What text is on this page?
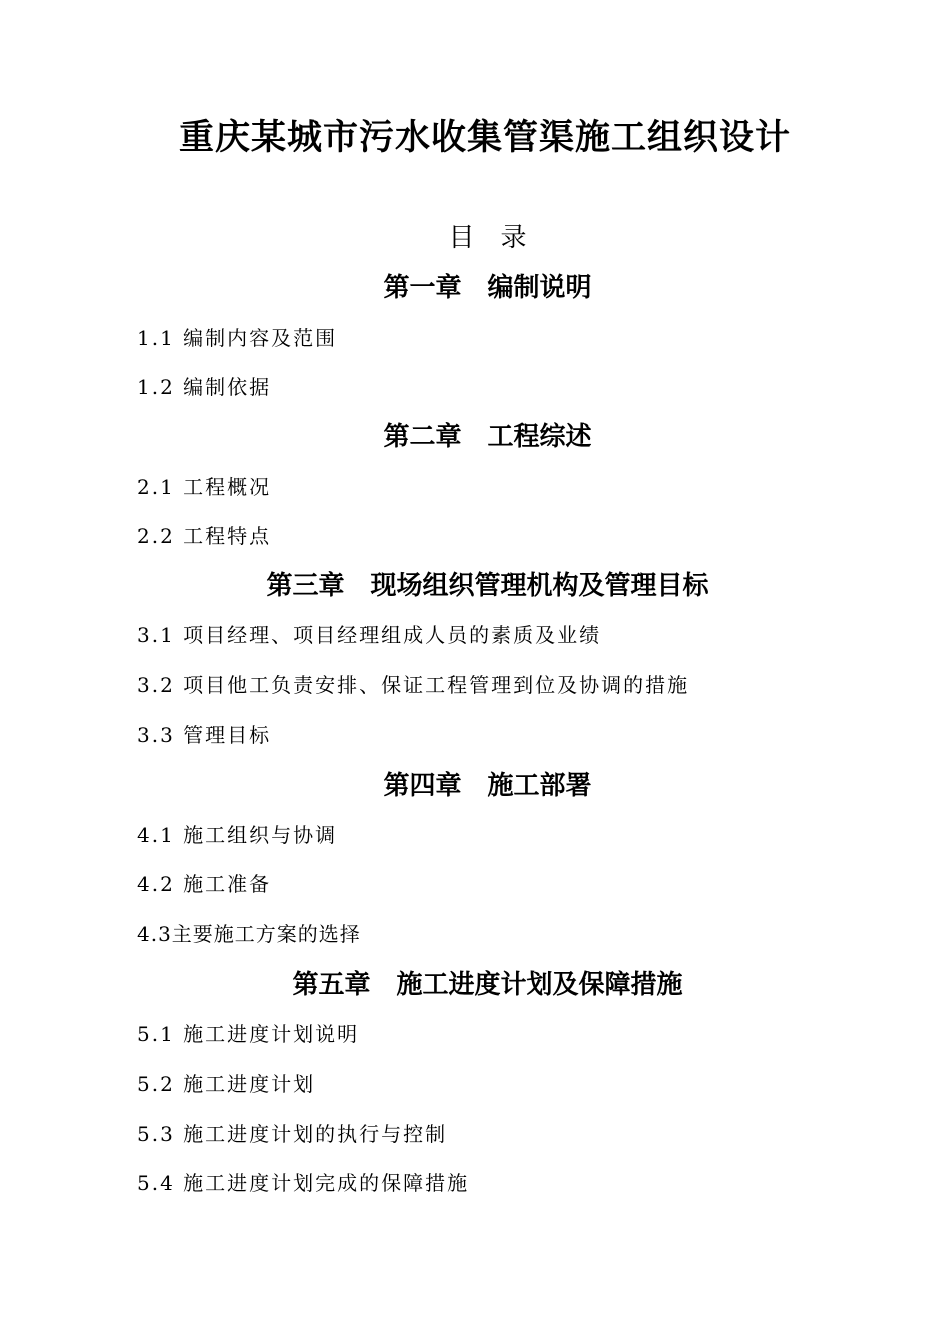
重庆某城市污水收集管渠施工组织设计
目　录
第一章　编制说明
1.1 编制内容及范围
1.2 编制依据
第二章　工程综述
2.1 工程概况
2.2 工程特点
第三章　现场组织管理机构及管理目标
3.1 项目经理、项目经理组成人员的素质及业绩
3.2 项目他工负责安排、保证工程管理到位及协调的措施
3.3 管理目标
第四章　施工部署
4.1 施工组织与协调
4.2 施工准备
4.3主要施工方案的选择
第五章　施工进度计划及保障措施
5.1 施工进度计划说明
5.2 施工进度计划
5.3 施工进度计划的执行与控制
5.4 施工进度计划完成的保障措施
